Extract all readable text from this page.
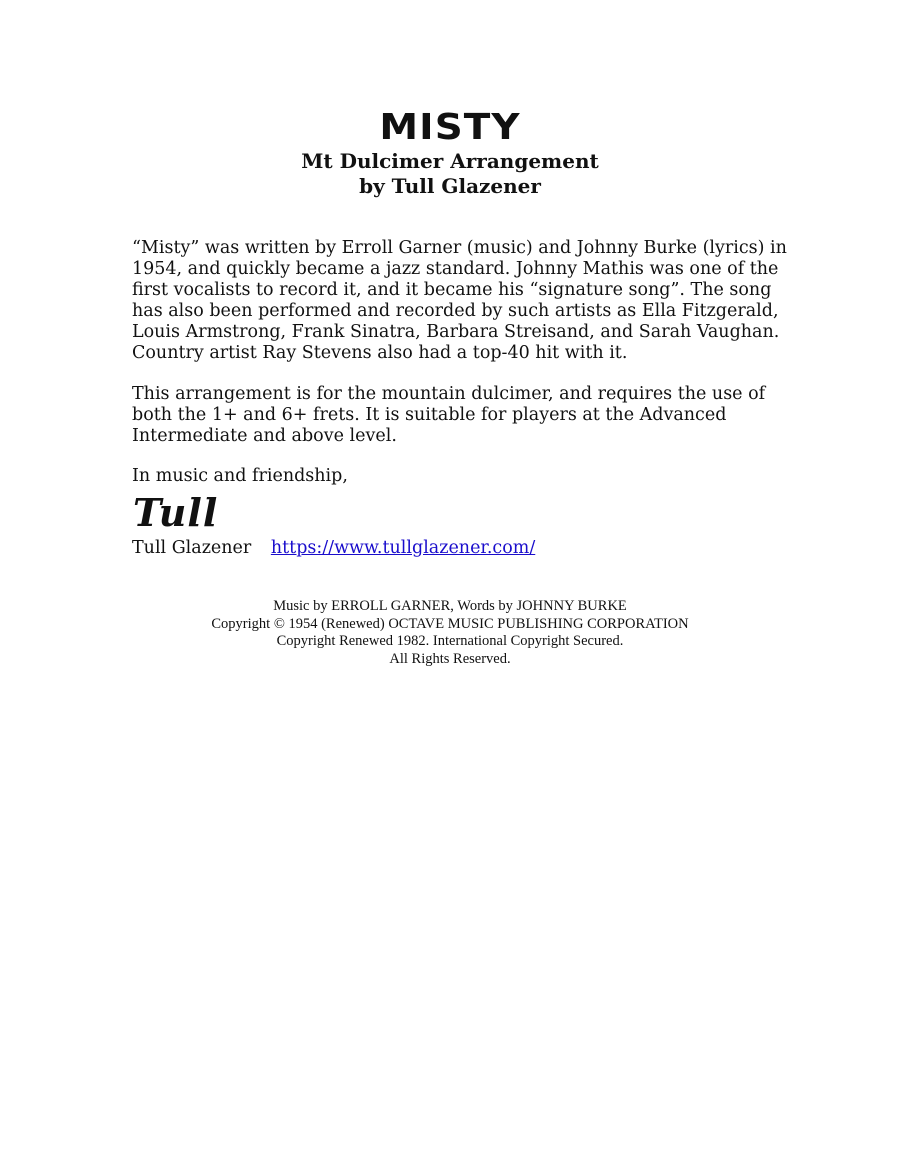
MISTY
Mt Dulcimer Arrangement
by Tull Glazener
“Misty” was written by Erroll Garner (music) and Johnny Burke (lyrics) in
1954, and quickly became a jazz standard. Johnny Mathis was one of the
first vocalists to record it, and it became his “signature song”. The song
has also been performed and recorded by such artists as Ella Fitzgerald,
Louis Armstrong, Frank Sinatra, Barbara Streisand, and Sarah Vaughan.
Country artist Ray Stevens also had a top-40 hit with it.
This arrangement is for the mountain dulcimer, and requires the use of
both the 1+ and 6+ frets. It is suitable for players at the Advanced
Intermediate and above level.
In music and friendship,
Tull
Tull Glazener https://www.tullglazener.com/
Music by ERROLL GARNER, Words by JOHNNY BURKE
Copyright © 1954 (Renewed) OCTAVE MUSIC PUBLISHING CORPORATION
Copyright Renewed 1982. International Copyright Secured.
All Rights Reserved.
